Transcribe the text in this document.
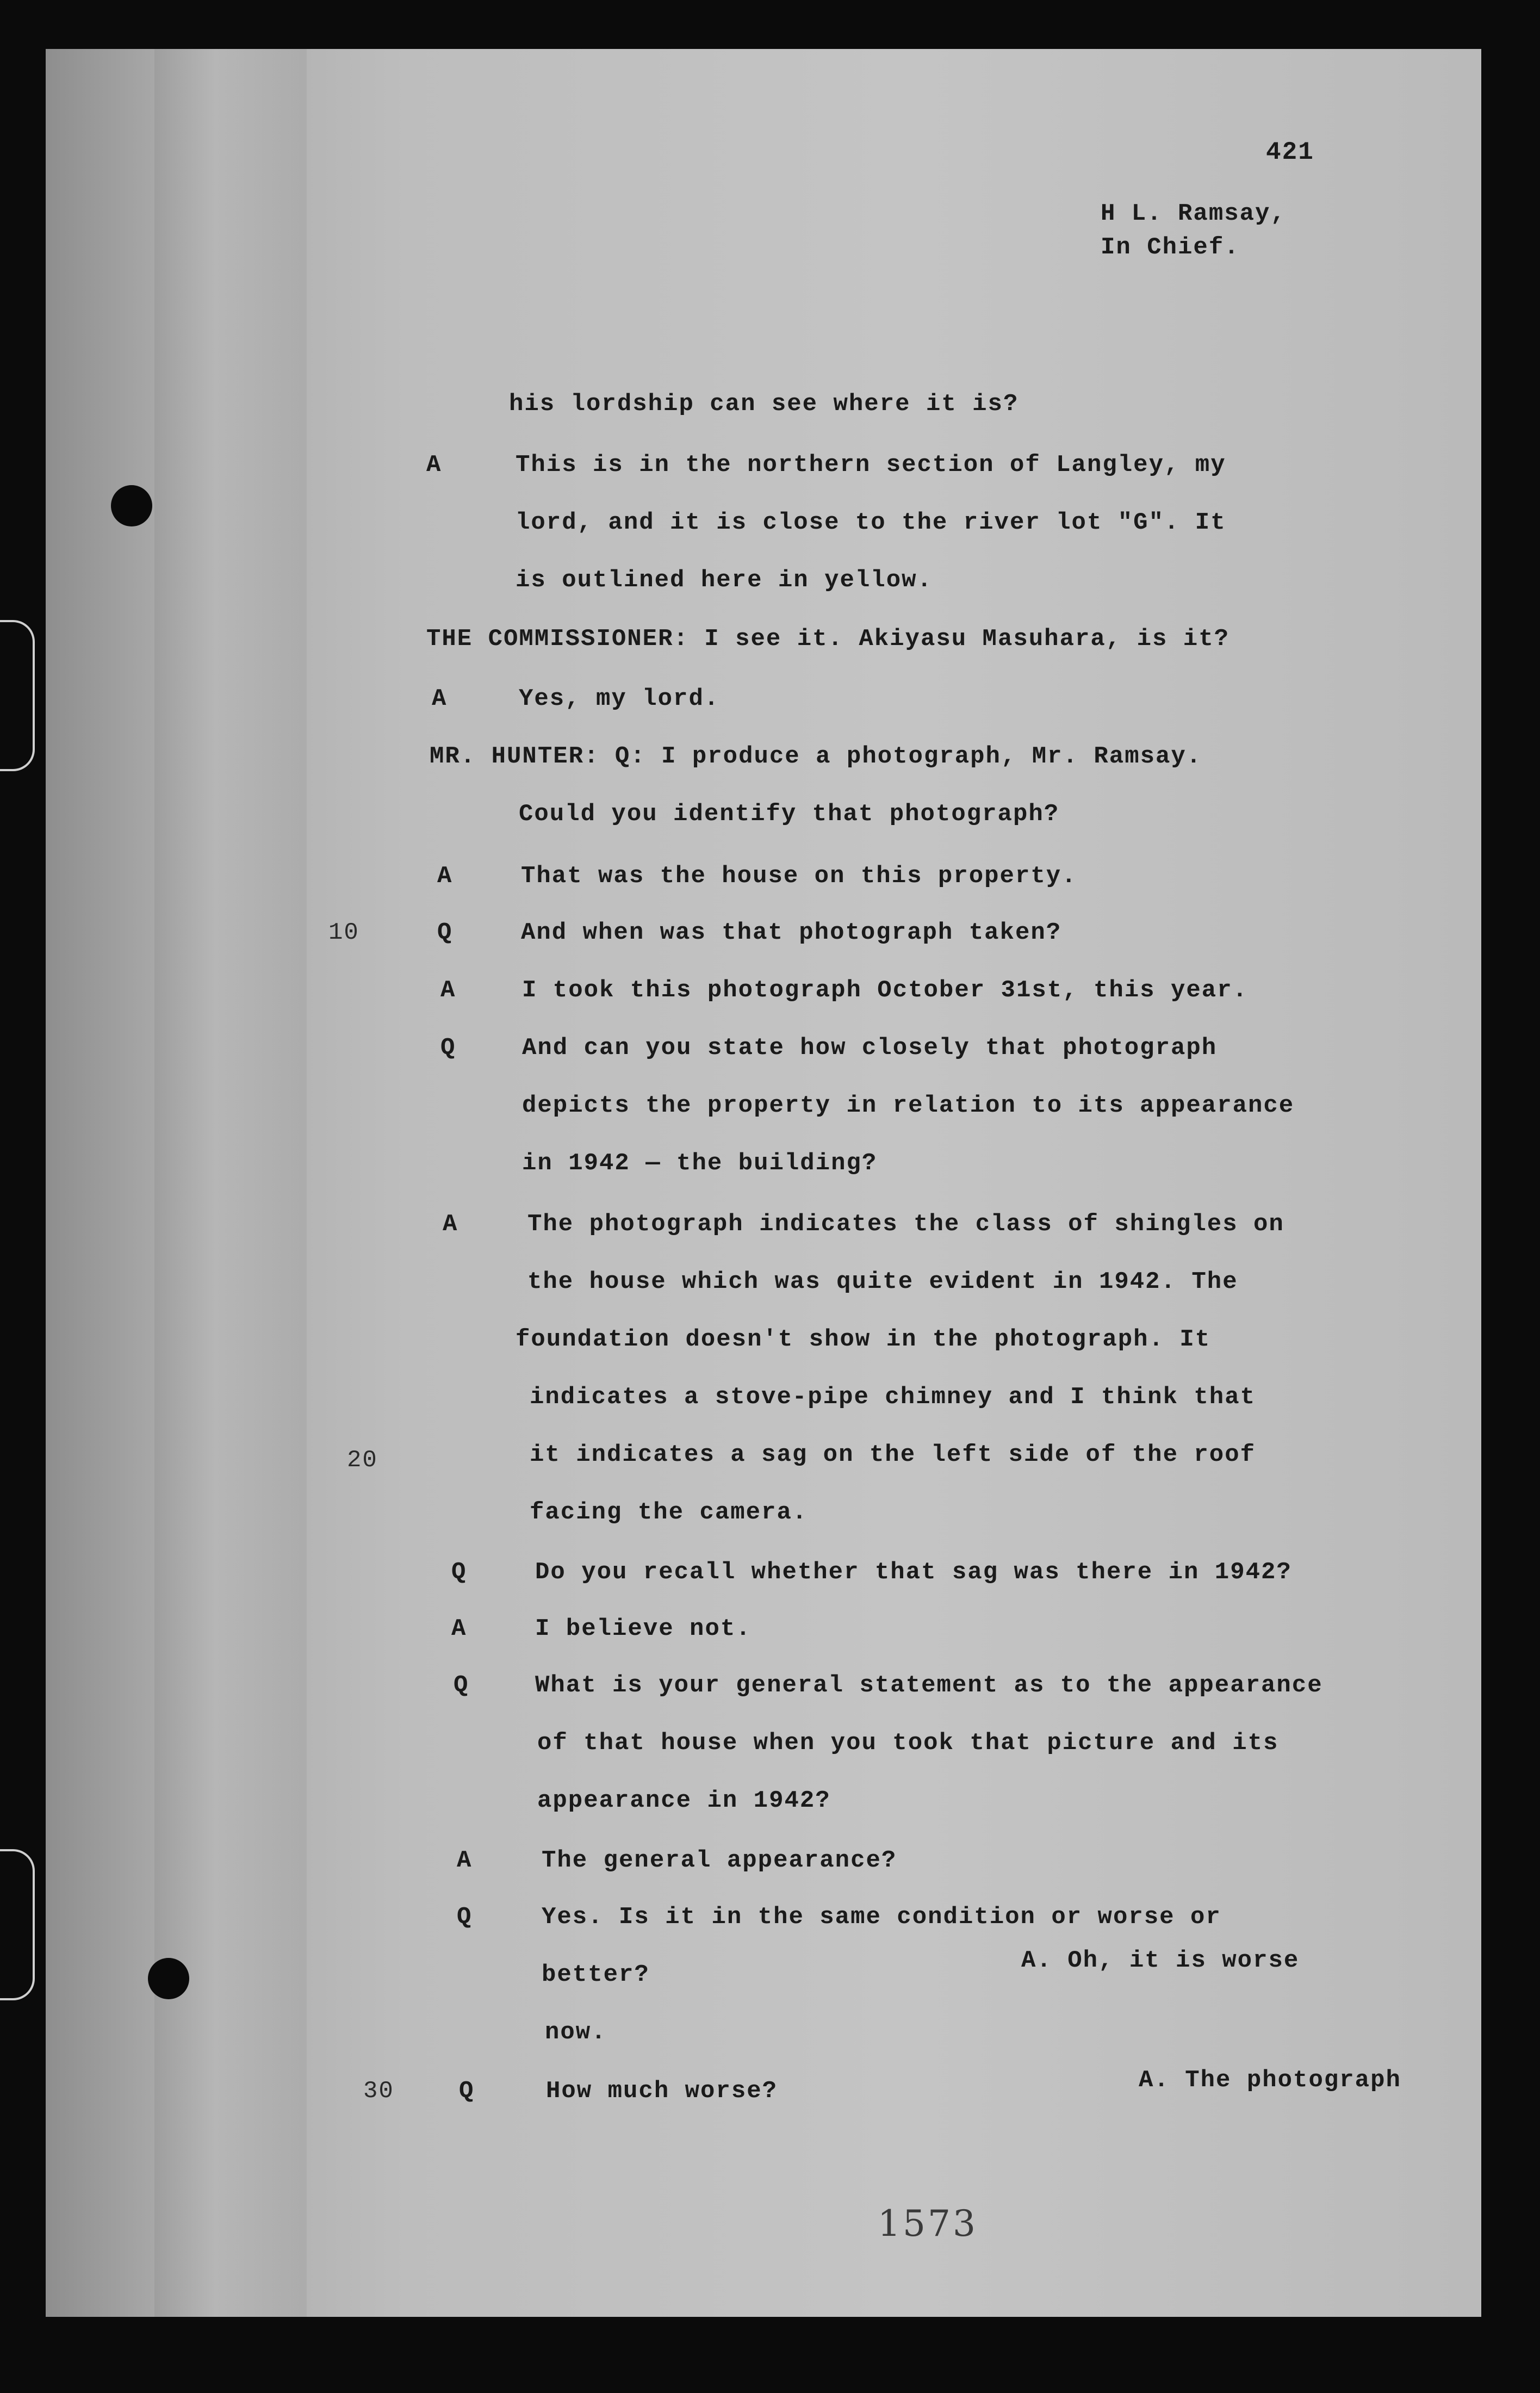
421
H L. Ramsay,
In Chief.
10
20
30
his lordship can see where it is?
A	This is in the northern section of Langley, my
lord, and it is close to the river lot "G". It
is outlined here in yellow.
THE COMMISSIONER: I see it. Akiyasu Masuhara, is it?
A	Yes, my lord.
MR. HUNTER: Q: I produce a photograph, Mr. Ramsay.
Could you identify that photograph?
A	That was the house on this property.
Q	And when was that photograph taken?
A	I took this photograph October 31st, this year.
Q	And can you state how closely that photograph
depicts the property in relation to its appearance
in 1942 — the building?
A	The photograph indicates the class of shingles on
the house which was quite evident in 1942. The
foundation doesn't show in the photograph. It
indicates a stove-pipe chimney and I think that
it indicates a sag on the left side of the roof
facing the camera.
Q	Do you recall whether that sag was there in 1942?
A	I believe not.
Q	What is your general statement as to the appearance
of that house when you took that picture and its
appearance in 1942?
A	The general appearance?
Q	Yes. Is it in the same condition or worse or
better?
A. Oh, it is worse
now.
Q	How much worse?	A. The photograph
1573
